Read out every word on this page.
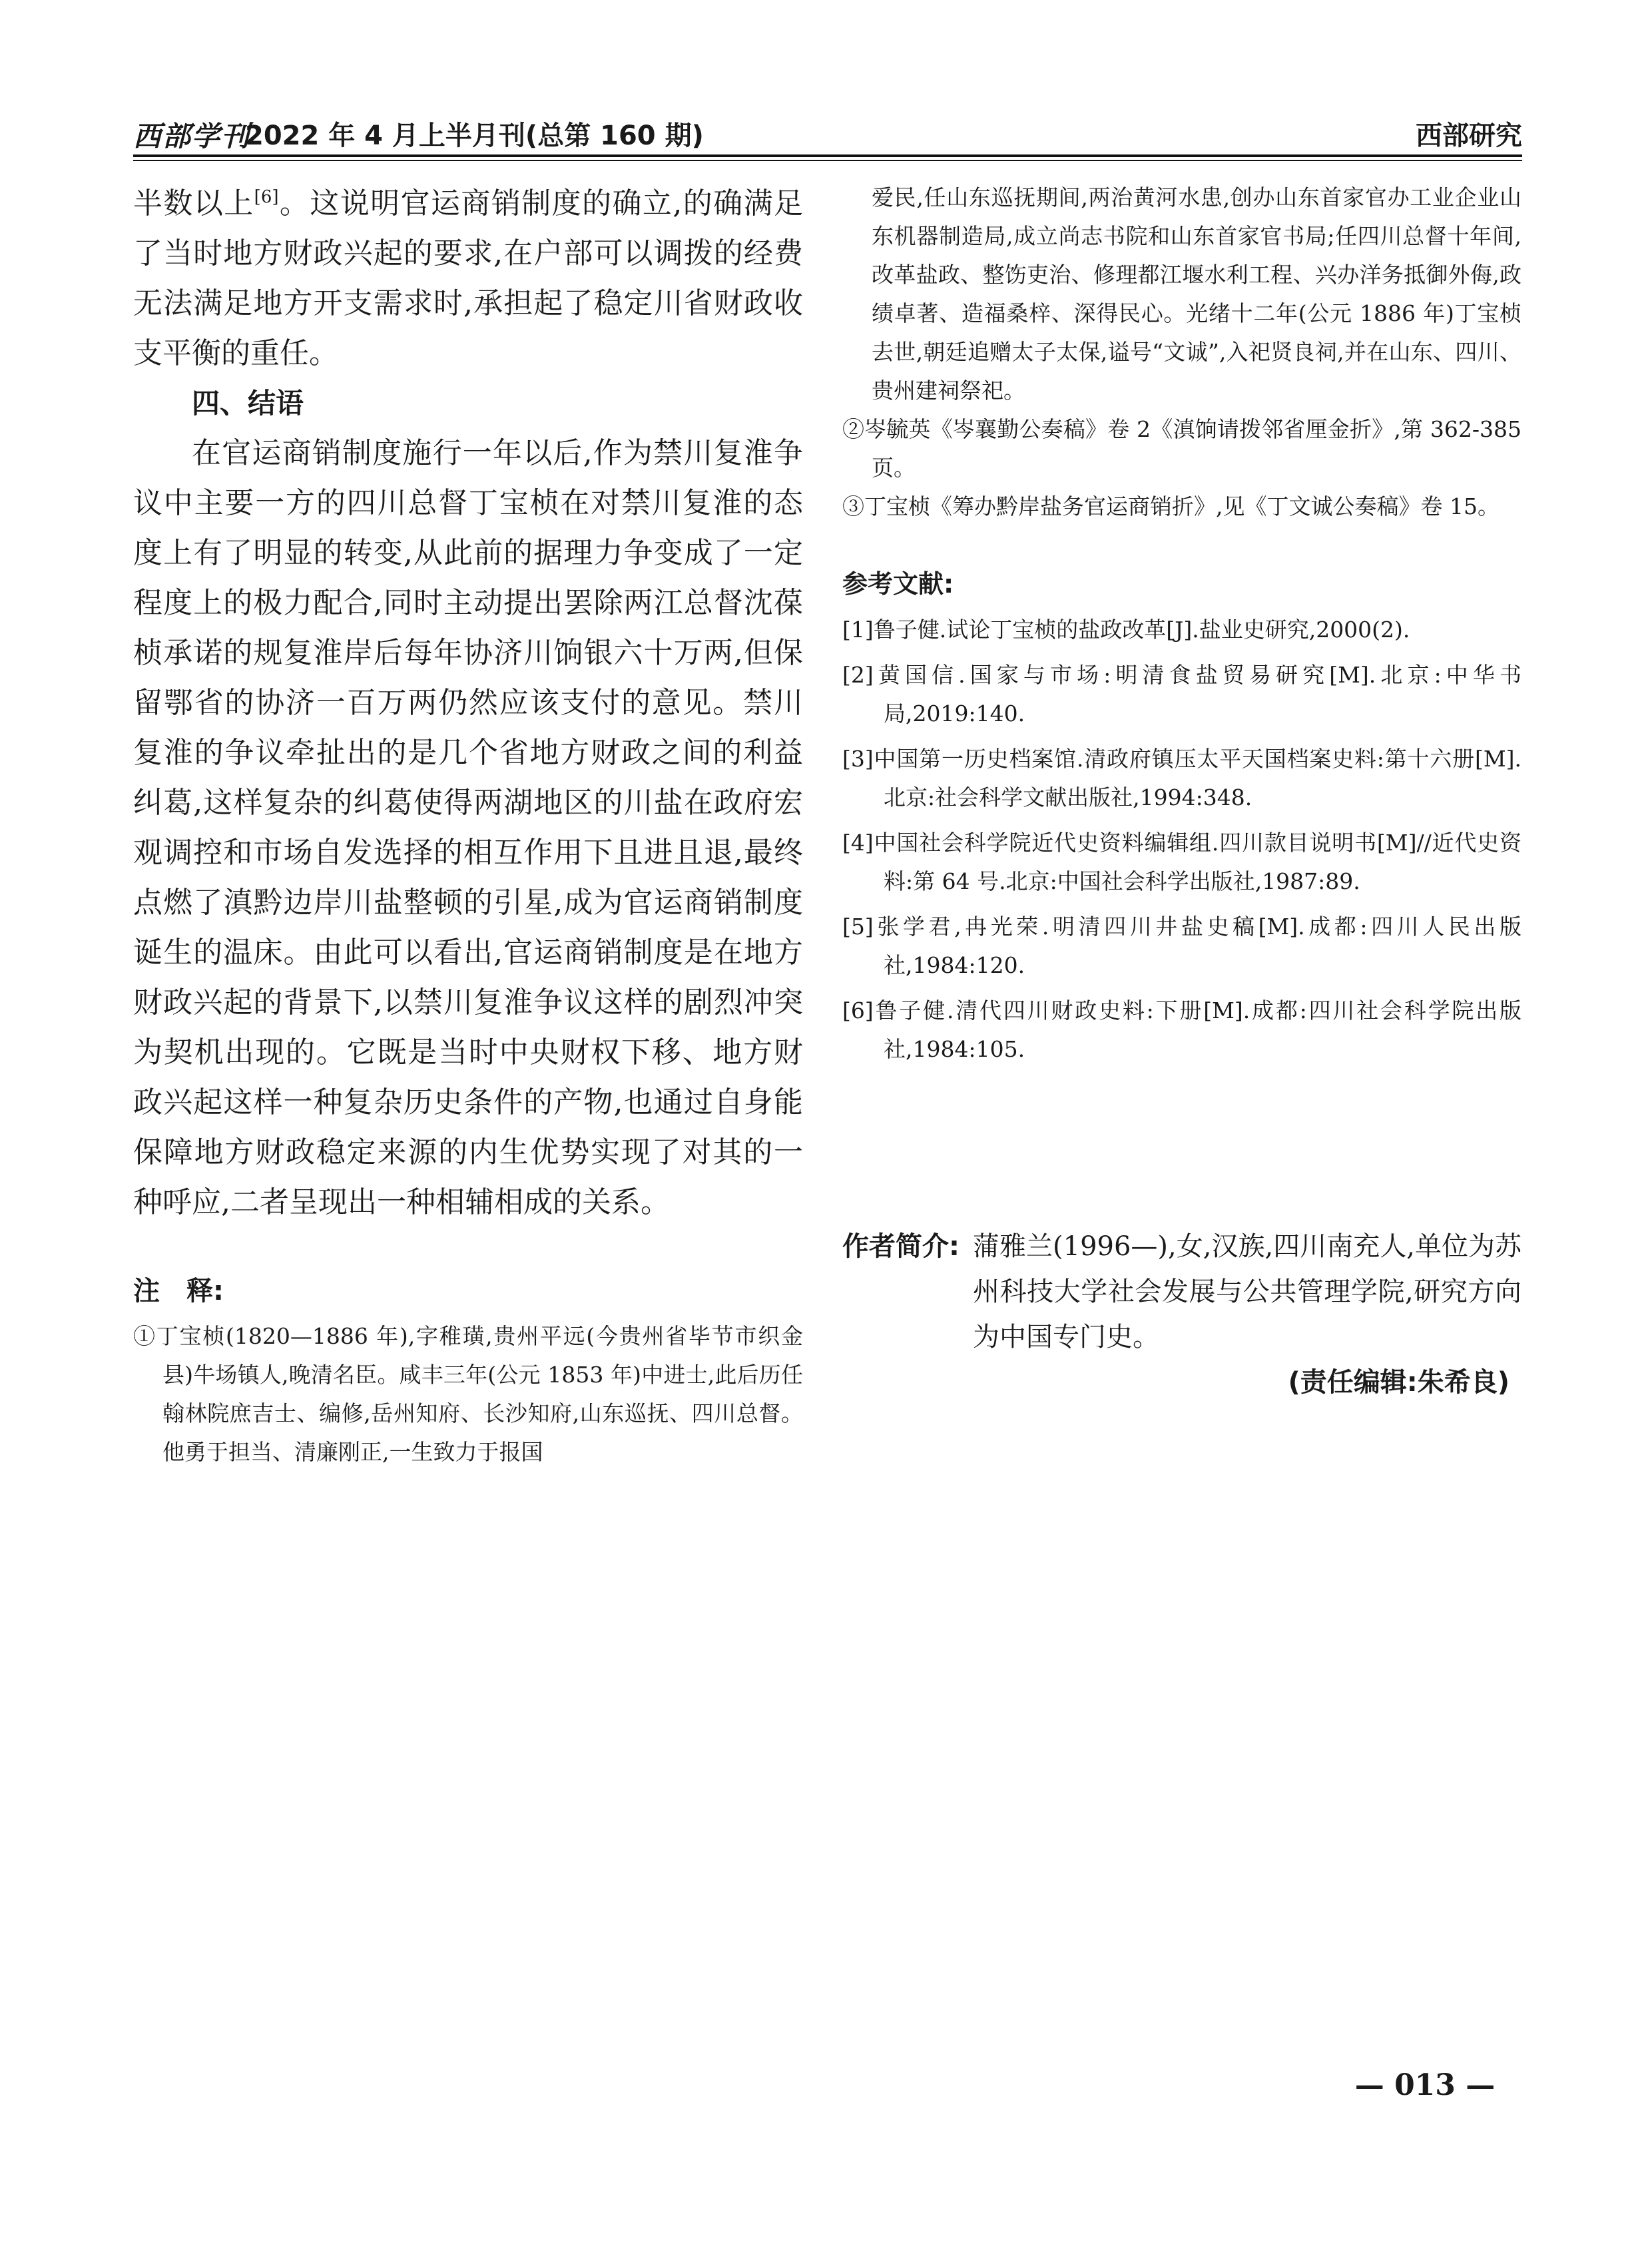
西部学刊
2022 年 4 月上半月刊(总第 160 期)	西部研究

半数以上[6]。这说明官运商销制度的确立,的确满足了当时地方财政兴起的要求,在户部可以调拨的经费无法满足地方开支需求时,承担起了稳定川省财政收支平衡的重任。

四、结语

在官运商销制度施行一年以后,作为禁川复淮争议中主要一方的四川总督丁宝桢在对禁川复淮的态度上有了明显的转变,从此前的据理力争变成了一定程度上的极力配合,同时主动提出罢除两江总督沈葆桢承诺的规复淮岸后每年协济川饷银六十万两,但保留鄂省的协济一百万两仍然应该支付的意见。禁川复淮的争议牵扯出的是几个省地方财政之间的利益纠葛,这样复杂的纠葛使得两湖地区的川盐在政府宏观调控和市场自发选择的相互作用下且进且退,最终点燃了滇黔边岸川盐整顿的引星,成为官运商销制度诞生的温床。由此可以看出,官运商销制度是在地方财政兴起的背景下,以禁川复淮争议这样的剧烈冲突为契机出现的。它既是当时中央财权下移、地方财政兴起这样一种复杂历史条件的产物,也通过自身能保障地方财政稳定来源的内生优势实现了对其的一种呼应,二者呈现出一种相辅相成的关系。

注　释:

①丁宝桢(1820—1886 年),字稚璜,贵州平远(今贵州省毕节市织金县)牛场镇人,晚清名臣。咸丰三年(公元 1853 年)中进士,此后历任翰林院庶吉士、编修,岳州知府、长沙知府,山东巡抚、四川总督。他勇于担当、清廉刚正,一生致力于报国

爱民,任山东巡抚期间,两治黄河水患,创办山东首家官办工业企业山东机器制造局,成立尚志书院和山东首家官书局;任四川总督十年间,改革盐政、整饬吏治、修理都江堰水利工程、兴办洋务抵御外侮,政绩卓著、造福桑梓、深得民心。光绪十二年(公元 1886 年)丁宝桢去世,朝廷追赠太子太保,谥号“文诚”,入祀贤良祠,并在山东、四川、贵州建祠祭祀。

②岑毓英《岑襄勤公奏稿》卷 2《滇饷请拨邻省厘金折》,第 362-385 页。

③丁宝桢《筹办黔岸盐务官运商销折》,见《丁文诚公奏稿》卷 15。

参考文献:

[1]鲁子健.试论丁宝桢的盐政改革[J].盐业史研究,2000(2).

[2]黄国信.国家与市场:明清食盐贸易研究[M].北京:中华书局,2019:140.

[3]中国第一历史档案馆.清政府镇压太平天国档案史料:第十六册[M].北京:社会科学文献出版社,1994:348.

[4]中国社会科学院近代史资料编辑组.四川款目说明书[M]//近代史资料:第 64 号.北京:中国社会科学出版社,1987:89.

[5]张学君,冉光荣.明清四川井盐史稿[M].成都:四川人民出版社,1984:120.

[6]鲁子健.清代四川财政史料:下册[M].成都:四川社会科学院出版社,1984:105.

作者简介: 蒲雅兰(1996—),女,汉族,四川南充人,单位为苏州科技大学社会发展与公共管理学院,研究方向为中国专门史。
(责任编辑:朱希良)
— 013 —
